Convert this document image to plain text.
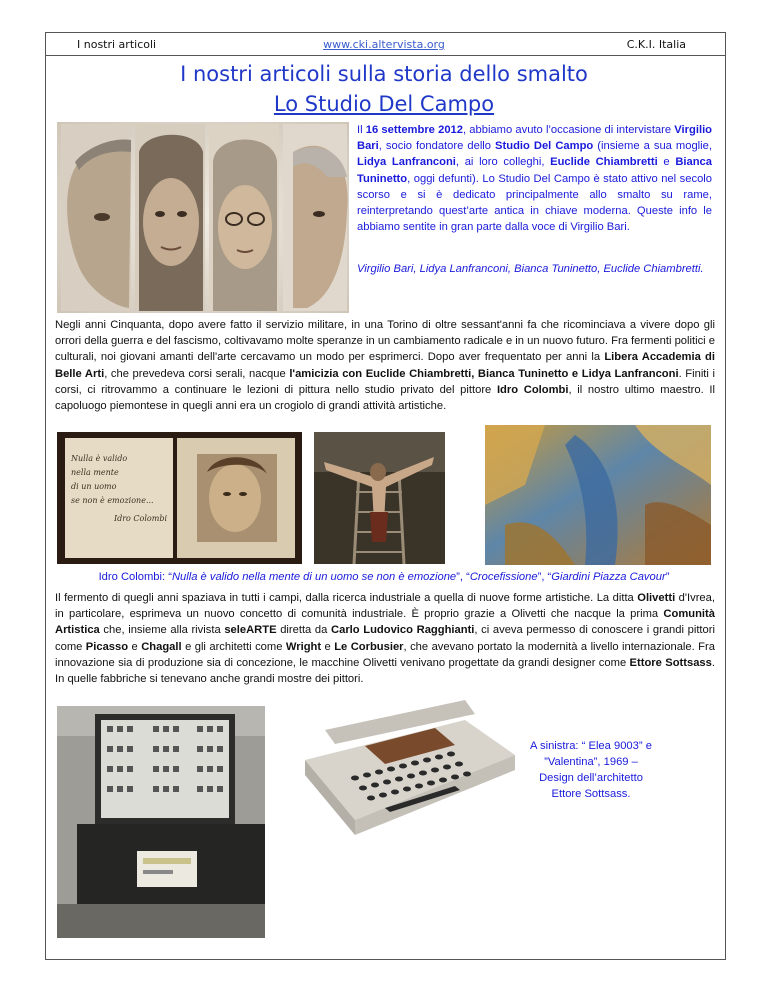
I nostri articoli	www.cki.altervista.org	C.K.I. Italia
I nostri articoli sulla storia dello smalto
Lo Studio Del Campo
Il 16 settembre 2012, abbiamo avuto l’occasione di intervistare Virgilio Bari, socio fondatore dello Studio Del Campo (insieme a sua moglie, Lidya Lanfranconi, ai loro colleghi, Euclide Chiambretti e Bianca Tuninetto, oggi defunti). Lo Studio Del Campo è stato attivo nel secolo scorso e si è dedicato principalmente allo smalto su rame, reinterpretando quest’arte antica in chiave moderna. Queste info le abbiamo sentite in gran parte dalla voce di Virgilio Bari.
Virgilio Bari, Lidya Lanfranconi, Bianca Tuninetto, Euclide Chiambretti.
Negli anni Cinquanta, dopo avere fatto il servizio militare, in una Torino di oltre sessant'anni fa che ricominciava a vivere dopo gli orrori della guerra e del fascismo, coltivavamo molte speranze in un cambiamento radicale e in un nuovo futuro. Fra fermenti politici e culturali, noi giovani amanti dell'arte cercavamo un modo per esprimerci. Dopo aver frequentato per anni la Libera Accademia di Belle Arti, che prevedeva corsi serali, nacque l'amicizia con Euclide Chiambretti, Bianca Tuninetto e Lidya Lanfranconi. Finiti i corsi, ci ritrovammo a continuare le lezioni di pittura nello studio privato del pittore Idro Colombi, il nostro ultimo maestro. Il capoluogo piemontese in quegli anni era un crogiolo di grandi attività artistiche.
Nulla è valido
nella mente
di un uomo
se non è emozione...
Idro Colombi
Idro Colombi: “Nulla è valido nella mente di un uomo se non è emozione”, “Crocefissione”, “Giardini Piazza Cavour”
Il fermento di quegli anni spaziava in tutti i campi, dalla ricerca industriale a quella di nuove forme artistiche. La ditta Olivetti d'Ivrea, in particolare, esprimeva un nuovo concetto di comunità industriale. È proprio grazie a Olivetti che nacque la prima Comunità Artistica che, insieme alla rivista seleARTE diretta da Carlo Ludovico Ragghianti, ci aveva permesso di conoscere i grandi pittori come Picasso e Chagall e gli architetti come Wright e Le Corbusier, che avevano portato la modernità a livello internazionale. Fra innovazione sia di produzione sia di concezione, le macchine Olivetti venivano progettate da grandi designer come Ettore Sottsass. In quelle fabbriche si tenevano anche grandi mostre dei pittori.
A sinistra: “ Elea 9003” e ”Valentina”, 1969 – Design dell’architetto Ettore Sottsass.
